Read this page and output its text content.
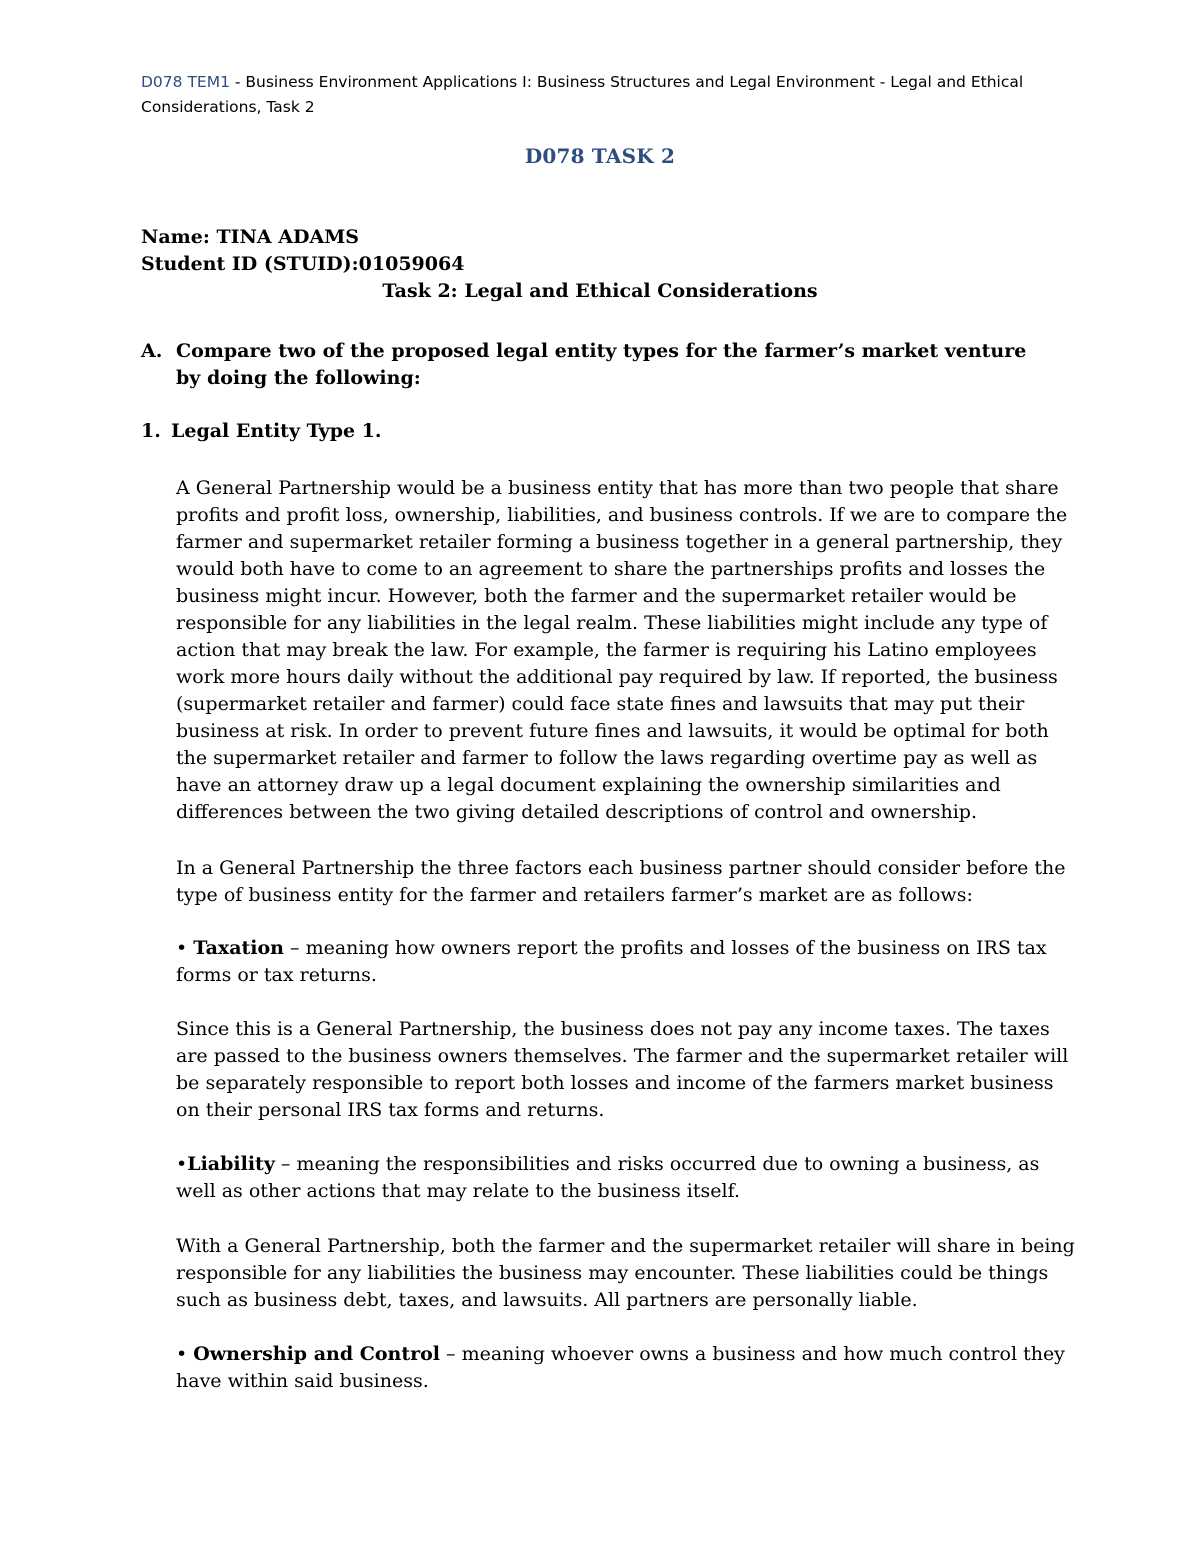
D078 TEM1 - Business Environment Applications I: Business Structures and Legal Environment - Legal and Ethical Considerations, Task 2
D078 TASK 2
Name: TINA ADAMS
Student ID (STUID):01059064
Task 2: Legal and Ethical Considerations
A. Compare two of the proposed legal entity types for the farmer’s market venture by doing the following:
1. Legal Entity Type 1.

A General Partnership would be a business entity that has more than two people that share profits and profit loss, ownership, liabilities, and business controls. If we are to compare the farmer and supermarket retailer forming a business together in a general partnership, they would both have to come to an agreement to share the partnerships profits and losses the business might incur. However, both the farmer and the supermarket retailer would be responsible for any liabilities in the legal realm. These liabilities might include any type of action that may break the law. For example, the farmer is requiring his Latino employees work more hours daily without the additional pay required by law. If reported, the business (supermarket retailer and farmer) could face state fines and lawsuits that may put their business at risk. In order to prevent future fines and lawsuits, it would be optimal for both the supermarket retailer and farmer to follow the laws regarding overtime pay as well as have an attorney draw up a legal document explaining the ownership similarities and differences between the two giving detailed descriptions of control and ownership.

In a General Partnership the three factors each business partner should consider before the type of business entity for the farmer and retailers farmer’s market are as follows:

• Taxation – meaning how owners report the profits and losses of the business on IRS tax forms or tax returns.

Since this is a General Partnership, the business does not pay any income taxes. The taxes are passed to the business owners themselves. The farmer and the supermarket retailer will be separately responsible to report both losses and income of the farmers market business on their personal IRS tax forms and returns.

•Liability – meaning the responsibilities and risks occurred due to owning a business, as well as other actions that may relate to the business itself.

With a General Partnership, both the farmer and the supermarket retailer will share in being responsible for any liabilities the business may encounter. These liabilities could be things such as business debt, taxes, and lawsuits. All partners are personally liable.

• Ownership and Control – meaning whoever owns a business and how much control they have within said business.
